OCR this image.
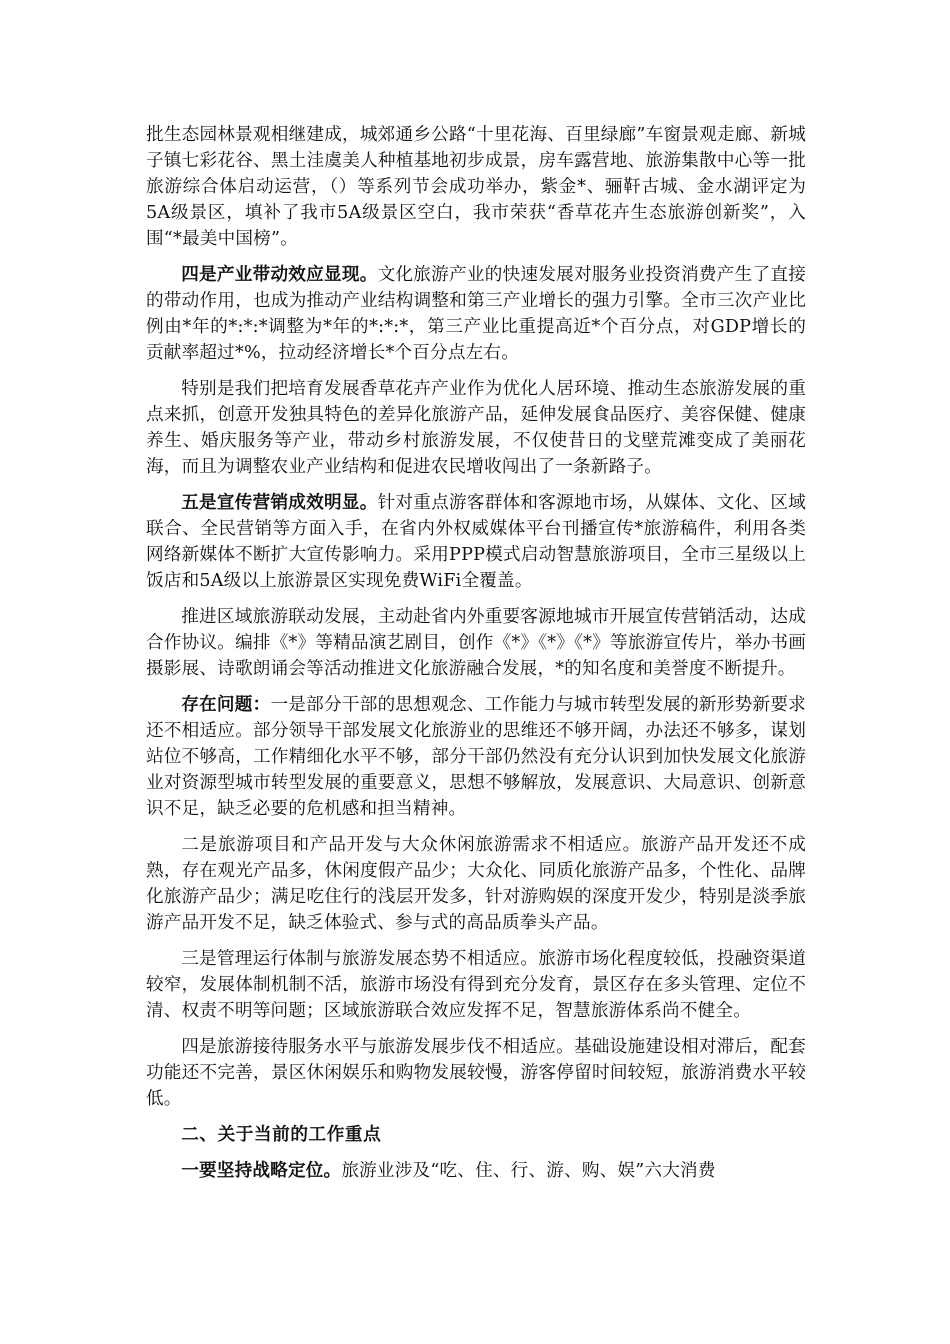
批生态园林景观相继建成，城郊通乡公路“十里花海、百里绿廊”车窗景观走廊、新城子镇七彩花谷、黑土洼虞美人种植基地初步成景，房车露营地、旅游集散中心等一批旅游综合体启动运营，（）等系列节会成功举办，紫金*、骊靬古城、金水湖评定为5A级景区，填补了我市5A级景区空白，我市荣获“香草花卉生态旅游创新奖”，入围“*最美中国榜”。

四是产业带动效应显现。文化旅游产业的快速发展对服务业投资消费产生了直接的带动作用，也成为推动产业结构调整和第三产业增长的强力引擎。全市三次产业比例由*年的*:*:*调整为*年的*:*:*，第三产业比重提高近*个百分点，对GDP增长的贡献率超过*%，拉动经济增长*个百分点左右。

特别是我们把培育发展香草花卉产业作为优化人居环境、推动生态旅游发展的重点来抓，创意开发独具特色的差异化旅游产品，延伸发展食品医疗、美容保健、健康养生、婚庆服务等产业，带动乡村旅游发展，不仅使昔日的戈壁荒滩变成了美丽花海，而且为调整农业产业结构和促进农民增收闯出了一条新路子。

五是宣传营销成效明显。针对重点游客群体和客源地市场，从媒体、文化、区域联合、全民营销等方面入手，在省内外权威媒体平台刊播宣传*旅游稿件，利用各类网络新媒体不断扩大宣传影响力。采用PPP模式启动智慧旅游项目，全市三星级以上饭店和5A级以上旅游景区实现免费WiFi全覆盖。

推进区域旅游联动发展，主动赴省内外重要客源地城市开展宣传营销活动，达成合作协议。编排《*》等精品演艺剧目，创作《*》《*》《*》等旅游宣传片，举办书画摄影展、诗歌朗诵会等活动推进文化旅游融合发展，*的知名度和美誉度不断提升。

存在问题：一是部分干部的思想观念、工作能力与城市转型发展的新形势新要求还不相适应。部分领导干部发展文化旅游业的思维还不够开阔，办法还不够多，谋划站位不够高，工作精细化水平不够，部分干部仍然没有充分认识到加快发展文化旅游业对资源型城市转型发展的重要意义，思想不够解放，发展意识、大局意识、创新意识不足，缺乏必要的危机感和担当精神。

二是旅游项目和产品开发与大众休闲旅游需求不相适应。旅游产品开发还不成熟，存在观光产品多，休闲度假产品少；大众化、同质化旅游产品多，个性化、品牌化旅游产品少；满足吃住行的浅层开发多，针对游购娱的深度开发少，特别是淡季旅游产品开发不足，缺乏体验式、参与式的高品质拳头产品。

三是管理运行体制与旅游发展态势不相适应。旅游市场化程度较低，投融资渠道较窄，发展体制机制不活，旅游市场没有得到充分发育，景区存在多头管理、定位不清、权责不明等问题；区域旅游联合效应发挥不足，智慧旅游体系尚不健全。

四是旅游接待服务水平与旅游发展步伐不相适应。基础设施建设相对滞后，配套功能还不完善，景区休闲娱乐和购物发展较慢，游客停留时间较短，旅游消费水平较低。

二、关于当前的工作重点

一要坚持战略定位。旅游业涉及“吃、住、行、游、购、娱”六大消费
